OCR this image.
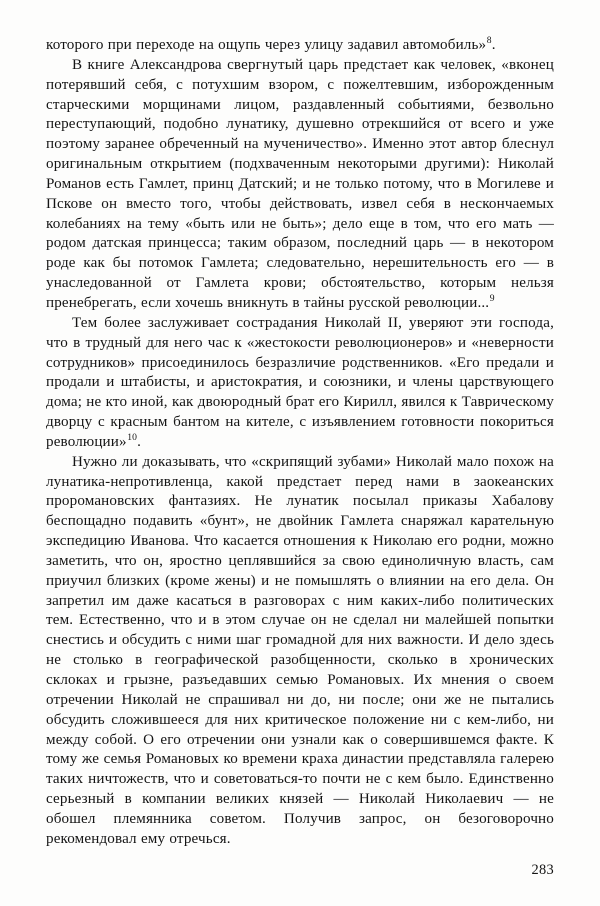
которого при переходе на ощупь через улицу задавил автомобиль»$^8$.

В книге Александрова свергнутый царь предстает как человек, «вконец потерявший себя, с потухшим взором, с пожелтевшим, изборожденным старческими морщинами лицом, раздавленный событиями, безвольно переступающий, подобно лунатику, душевно отрекшийся от всего и уже поэтому заранее обреченный на мученичество». Именно этот автор блеснул оригинальным открытием (подхваченным некоторыми другими): Николай Романов есть Гамлет, принц Датский; и не только потому, что в Могилеве и Пскове он вместо того, чтобы действовать, извел себя в нескончаемых колебаниях на тему «быть или не быть»; дело еще в том, что его мать — родом датская принцесса; таким образом, последний царь — в некотором роде как бы потомок Гамлета; следовательно, нерешительность его — в унаследованной от Гамлета крови; обстоятельство, которым нельзя пренебрегать, если хочешь вникнуть в тайны русской революции...$^9$

Тем более заслуживает сострадания Николай II, уверяют эти господа, что в трудный для него час к «жестокости революционеров» и «неверности сотрудников» присоединилось безразличие родственников. «Его предали и продали и штабисты, и аристократия, и союзники, и члены царствующего дома; не кто иной, как двоюродный брат его Кирилл, явился к Таврическому дворцу с красным бантом на кителе, с изъявлением готовности покориться революции»$^{10}$.

Нужно ли доказывать, что «скрипящий зубами» Николай мало похож на лунатика-непротивленца, какой предстает перед нами в заокеанских проромановских фантазиях. Не лунатик посылал приказы Хабалову беспощадно подавить «бунт», не двойник Гамлета снаряжал карательную экспедицию Иванова. Что касается отношения к Николаю его родни, можно заметить, что он, яростно цеплявшийся за свою единоличную власть, сам приучил близких (кроме жены) и не помышлять о влиянии на его дела. Он запретил им даже касаться в разговорах с ним каких-либо политических тем. Естественно, что и в этом случае он не сделал ни малейшей попытки снестись и обсудить с ними шаг громадной для них важности. И дело здесь не столько в географической разобщенности, сколько в хронических склоках и грызне, разъедавших семью Романовых. Их мнения о своем отречении Николай не спрашивал ни до, ни после; они же не пытались обсудить сложившееся для них критическое положение ни с кем-либо, ни между собой. О его отречении они узнали как о совершившемся факте. К тому же семья Романовых ко времени краха династии представляла галерею таких ничтожеств, что и советоваться-то почти не с кем было. Единственно серьезный в компании великих князей — Николай Николаевич — не обошел племянника советом. Получив запрос, он безоговорочно рекомендовал ему отречься.

283
